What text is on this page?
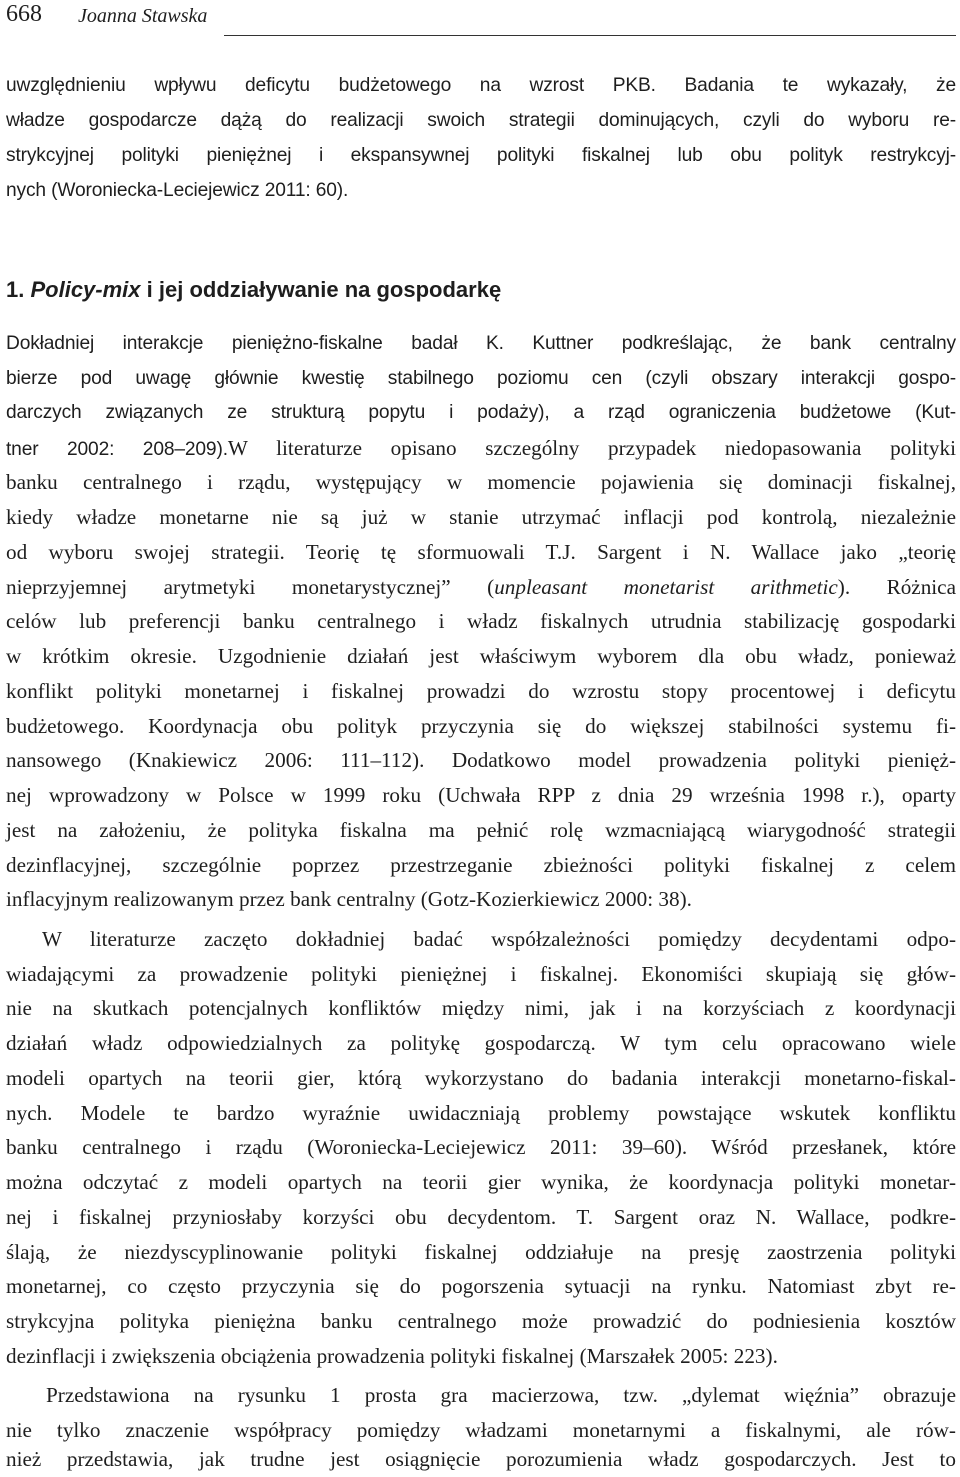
668 Joanna Stawska
uwzględnieniu wpływu deficytu budżetowego na wzrost PKB. Badania te wykazały, że
władze gospodarcze dążą do realizacji swoich strategii dominujących, czyli do wyboru re-
strykcyjnej polityki pieniężnej i ekspansywnej polityki fiskalnej lub obu polityk restrykcyj-
nych (Woroniecka-Leciejewicz 2011: 60).
1. Policy-mix i jej oddziaływanie na gospodarkę
Dokładniej interakcje pieniężno-fiskalne badał K. Kuttner podkreślając, że bank centralny
bierze pod uwagę głównie kwestię stabilnego poziomu cen (czyli obszary interakcji gospo-
darczych związanych ze strukturą popytu i podaży), a rząd ograniczenia budżetowe (Kut-
tner 2002: 208–209).W literaturze opisano szczególny przypadek niedopasowania polityki
banku centralnego i rządu, występujący w momencie pojawienia się dominacji fiskalnej,
kiedy władze monetarne nie są już w stanie utrzymać inflacji pod kontrolą, niezależnie
od wyboru swojej strategii. Teorię tę sformuowali T.J. Sargent i N. Wallace jako „teorię
nieprzyjemnej arytmetyki monetarystycznej” (unpleasant monetarist arithmetic). Różnica
celów lub preferencji banku centralnego i władz fiskalnych utrudnia stabilizację gospodarki
w krótkim okresie. Uzgodnienie działań jest właściwym wyborem dla obu władz, ponieważ
konflikt polityki monetarnej i fiskalnej prowadzi do wzrostu stopy procentowej i deficytu
budżetowego. Koordynacja obu polityk przyczynia się do większej stabilności systemu fi-
nansowego (Knakiewicz 2006: 111–112). Dodatkowo model prowadzenia polityki pienięż-
nej wprowadzony w Polsce w 1999 roku (Uchwała RPP z dnia 29 września 1998 r.), oparty
jest na założeniu, że polityka fiskalna ma pełnić rolę wzmacniającą wiarygodność strategii
dezinflacyjnej, szczególnie poprzez przestrzeganie zbieżności polityki fiskalnej z celem
inflacyjnym realizowanym przez bank centralny (Gotz-Kozierkiewicz 2000: 38).
W literaturze zaczęto dokładniej badać współzależności pomiędzy decydentami odpo-
wiadającymi za prowadzenie polityki pieniężnej i fiskalnej. Ekonomiści skupiają się głów-
nie na skutkach potencjalnych konfliktów między nimi, jak i na korzyściach z koordynacji
działań władz odpowiedzialnych za politykę gospodarczą. W tym celu opracowano wiele
modeli opartych na teorii gier, którą wykorzystano do badania interakcji monetarno-fiskal-
nych. Modele te bardzo wyraźnie uwidaczniają problemy powstające wskutek konfliktu
banku centralnego i rządu (Woroniecka-Leciejewicz 2011: 39–60). Wśród przesłanek, które
można odczytać z modeli opartych na teorii gier wynika, że koordynacja polityki monetar-
nej i fiskalnej przyniosłaby korzyści obu decydentom. T. Sargent oraz N. Wallace, podkre-
ślają, że niezdyscyplinowanie polityki fiskalnej oddziałuje na presję zaostrzenia polityki
monetarnej, co często przyczynia się do pogorszenia sytuacji na rynku. Natomiast zbyt re-
strykcyjna polityka pieniężna banku centralnego może prowadzić do podniesienia kosztów
dezinflacji i zwiększenia obciążenia prowadzenia polityki fiskalnej (Marszałek 2005: 223).
Przedstawiona na rysunku 1 prosta gra macierzowa, tzw. „dylemat więźnia” obrazuje
nie tylko znaczenie współpracy pomiędzy władzami monetarnymi a fiskalnymi, ale rów-
nież przedstawia, jak trudne jest osiągnięcie porozumienia władz gospodarczych. Jest to
